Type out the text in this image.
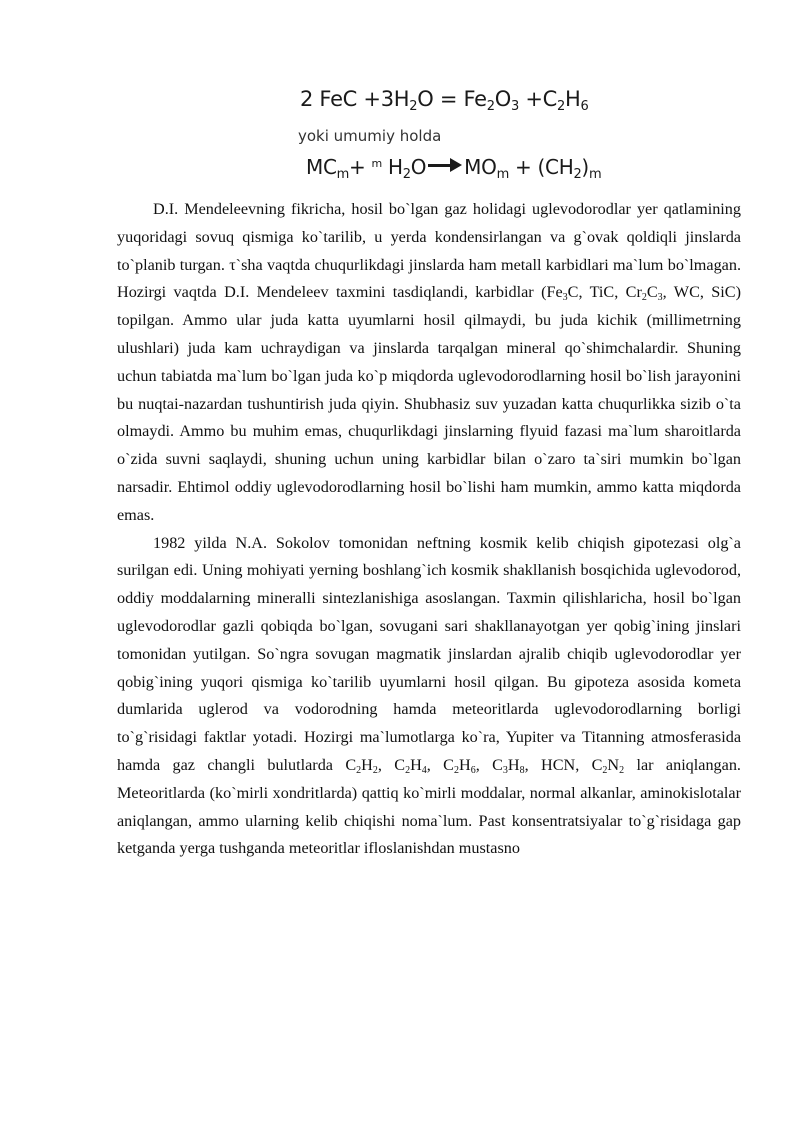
2 FeC $+3H_2O = Fe_2O_3 +C_2H_6$
yoki umumiy holda
$MC_m+ ^m$ $H_2O$ $MO_m + (CH_2)_m$

D.I. Mendeleevning fikricha, hosil bo`lgan gaz holidagi uglevodorodlar yer qatlamining yuqoridagi sovuq qismiga ko`tarilib, u yerda kondensirlangan va g`ovak qoldiqli jinslarda to`planib turgan. τ`sha vaqtda chuqurlikdagi jinslarda ham metall karbidlari ma`lum bo`lmagan. Hozirgi vaqtda D.I. Mendeleev taxmini tasdiqlandi, karbidlar ($Fe_3C$, TiC, $Cr_2C_3$, WC, SiC) topilgan. Ammo ular juda katta uyumlarni hosil qilmaydi, bu juda kichik (millimetrning ulushlari) juda kam uchraydigan va jinslarda tarqalgan mineral qo`shimchalardir. Shuning uchun tabiatda ma`lum bo`lgan juda ko`p miqdorda uglevodorodlarning hosil bo`lish jarayonini bu nuqtai-nazardan tushuntirish juda qiyin. Shubhasiz suv yuzadan katta chuqurlikka sizib o`ta olmaydi. Ammo bu muhim emas, chuqurlikdagi jinslarning flyuid fazasi ma`lum sharoitlarda o`zida suvni saqlaydi, shuning uchun uning karbidlar bilan o`zaro ta`siri mumkin bo`lgan narsadir. Ehtimol oddiy uglevodorodlarning hosil bo`lishi ham mumkin, ammo katta miqdorda emas.

1982 yilda N.A. Sokolov tomonidan neftning kosmik kelib chiqish gipotezasi olg`a surilgan edi. Uning mohiyati yerning boshlang`ich kosmik shakllanish bosqichida uglevodorod, oddiy moddalarning mineralli sintezlanishiga asoslangan. Taxmin qilishlaricha, hosil bo`lgan uglevodorodlar gazli qobiqda bo`lgan, sovugani sari shakllanayotgan yer qobig`ining jinslari tomonidan yutilgan. So`ngra sovugan magmatik jinslardan ajralib chiqib uglevodorodlar yer qobig`ining yuqori qismiga ko`tarilib uyumlarni hosil qilgan. Bu gipoteza asosida kometa dumlarida uglerod va vodorodning hamda meteoritlarda uglevodorodlarning borligi to`g`risidagi faktlar yotadi. Hozirgi ma`lumotlarga ko`ra, Yupiter va Titanning atmosferasida hamda gaz changli bulutlarda $C_2H_2$, $C_2H_4$, $C_2H_6$, $C_3H_8$, HCN, $C_2N_2$ lar aniqlangan. Meteoritlarda (ko`mirli xondritlarda) qattiq ko`mirli moddalar, normal alkanlar, aminokislotalar aniqlangan, ammo ularning kelib chiqishi noma`lum. Past konsentratsiyalar to`g`risidaga gap ketganda yerga tushganda meteoritlar ifloslanishdan mustasno
